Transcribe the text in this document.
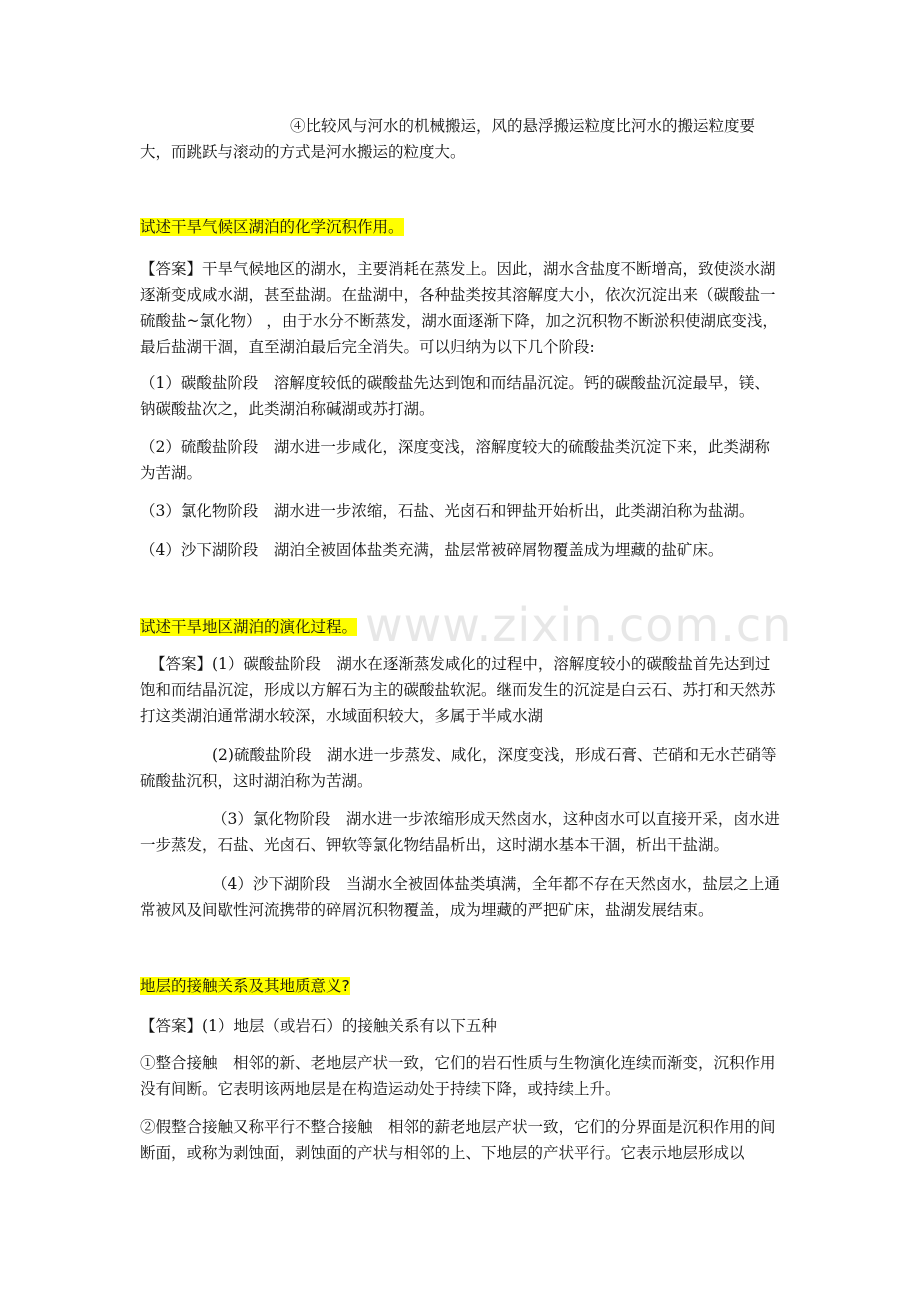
www.zixin.com.cn

④比较风与河水的机械搬运，风的悬浮搬运粒度比河水的搬运粒度要大，而跳跃与滚动的方式是河水搬运的粒度大。

试述干旱气候区湖泊的化学沉积作用。

【答案】干旱气候地区的湖水，主要消耗在蒸发上。因此，湖水含盐度不断增高，致使淡水湖逐渐变成咸水湖，甚至盐湖。在盐湖中，各种盐类按其溶解度大小，依次沉淀出来（碳酸盐一硫酸盐~氯化物） ，由于水分不断蒸发，湖水面逐渐下降，加之沉积物不断淤积使湖底变浅，最后盐湖干涸，直至湖泊最后完全消失。可以归纳为以下几个阶段:

（1）碳酸盐阶段　溶解度较低的碳酸盐先达到饱和而结晶沉淀。钙的碳酸盐沉淀最早，镁、钠碳酸盐次之，此类湖泊称碱湖或苏打湖。

（2）硫酸盐阶段　湖水进一步咸化，深度变浅，溶解度较大的硫酸盐类沉淀下来，此类湖称为苦湖。

（3）氯化物阶段　湖水进一步浓缩，石盐、光卤石和钾盐开始析出，此类湖泊称为盐湖。

（4）沙下湖阶段　湖泊全被固体盐类充满，盐层常被碎屑物覆盖成为埋藏的盐矿床。

试述干旱地区湖泊的演化过程。

【答案】(1）碳酸盐阶段　湖水在逐渐蒸发咸化的过程中，溶解度较小的碳酸盐首先达到过饱和而结晶沉淀，形成以方解石为主的碳酸盐软泥。继而发生的沉淀是白云石、苏打和天然苏打这类湖泊通常湖水较深，水域面积较大，多属于半咸水湖

(2)硫酸盐阶段　湖水进一步蒸发、咸化，深度变浅，形成石膏、芒硝和无水芒硝等硫酸盐沉积，这时湖泊称为苦湖。

（3）氯化物阶段　湖水进一步浓缩形成天然卤水，这种卤水可以直接开采，卤水进一步蒸发，石盐、光卤石、钾软等氯化物结晶析出，这时湖水基本干涸，析出干盐湖。

（4）沙下湖阶段　当湖水全被固体盐类填满，全年都不存在天然卤水，盐层之上通常被风及间歇性河流携带的碎屑沉积物覆盖，成为埋藏的严把矿床，盐湖发展结束。

地层的接触关系及其地质意义?

【答案】(1）地层（或岩石）的接触关系有以下五种

①整合接触　相邻的新、老地层产状一致，它们的岩石性质与生物演化连续而渐变，沉积作用没有间断。它表明该两地层是在构造运动处于持续下降，或持续上升。

②假整合接触又称平行不整合接触　相邻的薪老地层产状一致，它们的分界面是沉积作用的间断面，或称为剥蚀面，剥蚀面的产状与相邻的上、下地层的产状平行。它表示地层形成以
